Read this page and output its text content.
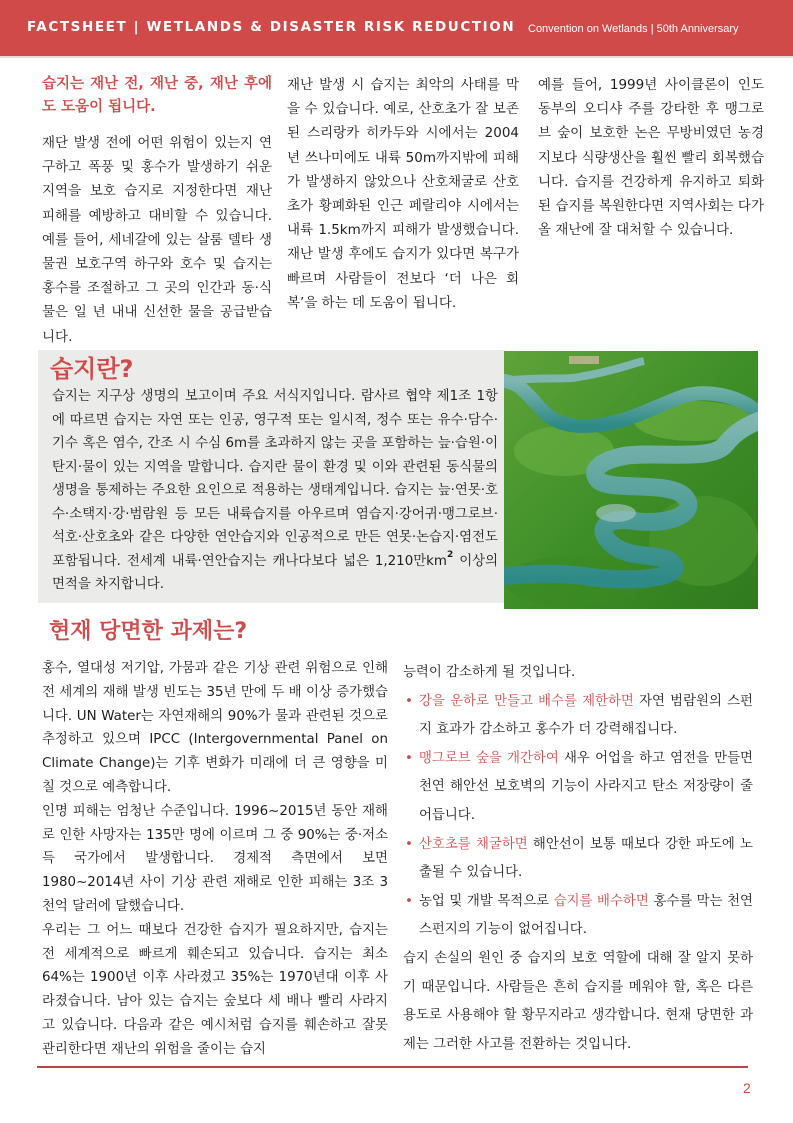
FACTSHEET | WETLANDS & DISASTER RISK REDUCTION Convention on Wetlands | 50th Anniversary
습지는 재난 전, 재난 중, 재난 후에도 도움이 됩니다.

재단 발생 전에 어떤 위험이 있는지 연구하고 폭풍 및 홍수가 발생하기 쉬운 지역을 보호 습지로 지정한다면 재난 피해를 예방하고 대비할 수 있습니다. 예를 들어, 세네갈에 있는 살룸 델타 생물권 보호구역 하구와 호수 및 습지는 홍수를 조절하고 그 곳의 인간과 동·식물은 일 년 내내 신선한 물을 공급받습니다.

재난 발생 시 습지는 최악의 사태를 막을 수 있습니다. 예로, 산호초가 잘 보존된 스리랑카 히카두와 시에서는 2004년 쓰나미에도 내륙 50m까지밖에 피해가 발생하지 않았으나 산호채굴로 산호초가 황폐화된 인근 페랄리야 시에서는 내륙 1.5km까지 피해가 발생했습니다. 재난 발생 후에도 습지가 있다면 복구가 빠르며 사람들이 전보다 ‘더 나은 회복’을 하는 데 도움이 됩니다.

예를 들어, 1999년 사이클론이 인도 동부의 오디샤 주를 강타한 후 맹그로브 숲이 보호한 논은 무방비였던 농경지보다 식량생산을 훨씬 빨리 회복했습니다. 습지를 건강하게 유지하고 퇴화된 습지를 복원한다면 지역사회는 다가올 재난에 잘 대처할 수 있습니다.

습지란?
습지는 지구상 생명의 보고이며 주요 서식지입니다. 람사르 협약 제1조 1항에 따르면 습지는 자연 또는 인공, 영구적 또는 일시적, 정수 또는 유수·담수·기수 혹은 염수, 간조 시 수심 6m를 초과하지 않는 곳을 포함하는 늪·습원·이탄지·물이 있는 지역을 말합니다. 습지란 물이 환경 및 이와 관련된 동식물의 생명을 통제하는 주요한 요인으로 적용하는 생태계입니다. 습지는 늪·연못·호수·소택지·강·범람원 등 모든 내륙습지를 아우르며 염습지·강어귀·맹그로브·석호·산호초와 같은 다양한 연안습지와 인공적으로 만든 연못·논습지·염전도 포함됩니다. 전세계 내륙·연안습지는 캐나다보다 넓은 1,210만$km^2$ 이상의 면적을 차지합니다.
현재 당면한 과제는?

홍수, 열대성 저기압, 가뭄과 같은 기상 관련 위험으로 인해 전 세계의 재해 발생 빈도는 35년 만에 두 배 이상 증가했습니다. UN Water는 자연재해의 90%가 물과 관련된 것으로 추정하고 있으며 IPCC (Intergovernmental Panel on Climate Change)는 기후 변화가 미래에 더 큰 영향을 미칠 것으로 예측합니다.

인명 피해는 엄청난 수준입니다. 1996~2015년 동안 재해로 인한 사망자는 135만 명에 이르며 그 중 90%는 중·저소득 국가에서 발생합니다. 경제적 측면에서 보면 1980~2014년 사이 기상 관련 재해로 인한 피해는 3조 3천억 달러에 달했습니다.

우리는 그 어느 때보다 건강한 습지가 필요하지만, 습지는 전 세계적으로 빠르게 훼손되고 있습니다. 습지는 최소 64%는 1900년 이후 사라졌고 35%는 1970년대 이후 사라졌습니다. 남아 있는 습지는 숲보다 세 배나 빨리 사라지고 있습니다. 다음과 같은 예시처럼 습지를 훼손하고 잘못 관리한다면 재난의 위험을 줄이는 습지

능력이 감소하게 될 것입니다.

• 강을 운하로 만들고 배수를 제한하면 자연 범람원의 스펀지 효과가 감소하고 홍수가 더 강력해집니다.
• 맹그로브 숲을 개간하여 새우 어업을 하고 염전을 만들면 천연 해안선 보호벽의 기능이 사라지고 탄소 저장량이 줄어듭니다.
• 산호초를 채굴하면 해안선이 보통 때보다 강한 파도에 노출될 수 있습니다.
• 농업 및 개발 목적으로 습지를 배수하면 홍수를 막는 천연 스펀지의 기능이 없어집니다.

습지 손실의 원인 중 습지의 보호 역할에 대해 잘 알지 못하기 때문입니다. 사람들은 흔히 습지를 메워야 할, 혹은 다른 용도로 사용해야 할 황무지라고 생각합니다. 현재 당면한 과제는 그러한 사고를 전환하는 것입니다.

2
